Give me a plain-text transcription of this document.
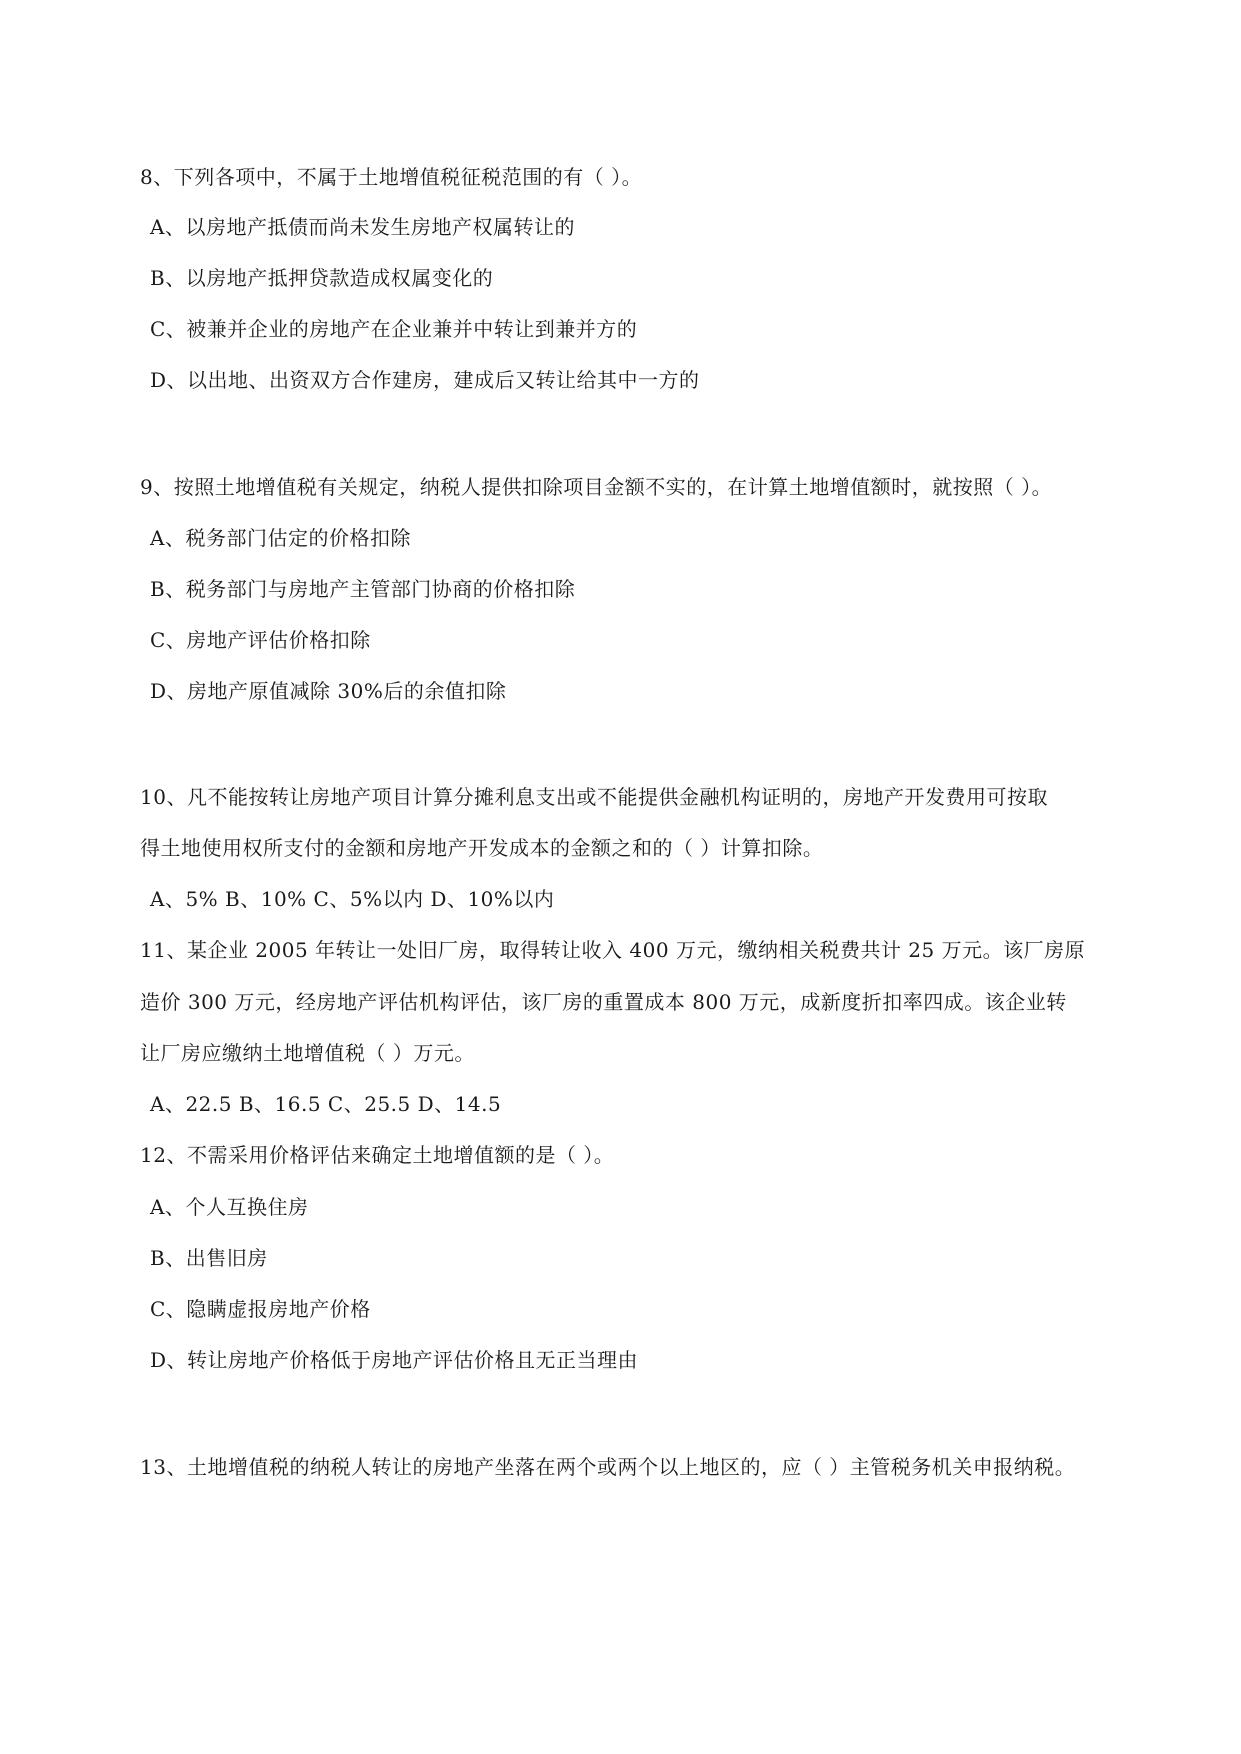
8、下列各项中，不属于土地增值税征税范围的有（ ）。
A、以房地产抵债而尚未发生房地产权属转让的
B、以房地产抵押贷款造成权属变化的
C、被兼并企业的房地产在企业兼并中转让到兼并方的
D、以出地、出资双方合作建房，建成后又转让给其中一方的
9、按照土地增值税有关规定，纳税人提供扣除项目金额不实的，在计算土地增值额时，就按照（ ）。
A、税务部门估定的价格扣除
B、税务部门与房地产主管部门协商的价格扣除
C、房地产评估价格扣除
D、房地产原值减除 30%后的余值扣除
10、凡不能按转让房地产项目计算分摊利息支出或不能提供金融机构证明的，房地产开发费用可按取
得土地使用权所支付的金额和房地产开发成本的金额之和的（ ）计算扣除。
A、5% B、10% C、5%以内 D、10%以内
11、某企业 2005 年转让一处旧厂房，取得转让收入 400 万元，缴纳相关税费共计 25 万元。该厂房原
造价 300 万元，经房地产评估机构评估，该厂房的重置成本 800 万元，成新度折扣率四成。该企业转
让厂房应缴纳土地增值税（ ）万元。
A、22.5 B、16.5 C、25.5 D、14.5
12、不需采用价格评估来确定土地增值额的是（ ）。
A、个人互换住房
B、出售旧房
C、隐瞒虚报房地产价格
D、转让房地产价格低于房地产评估价格且无正当理由
13、土地增值税的纳税人转让的房地产坐落在两个或两个以上地区的，应（ ）主管税务机关申报纳税。
